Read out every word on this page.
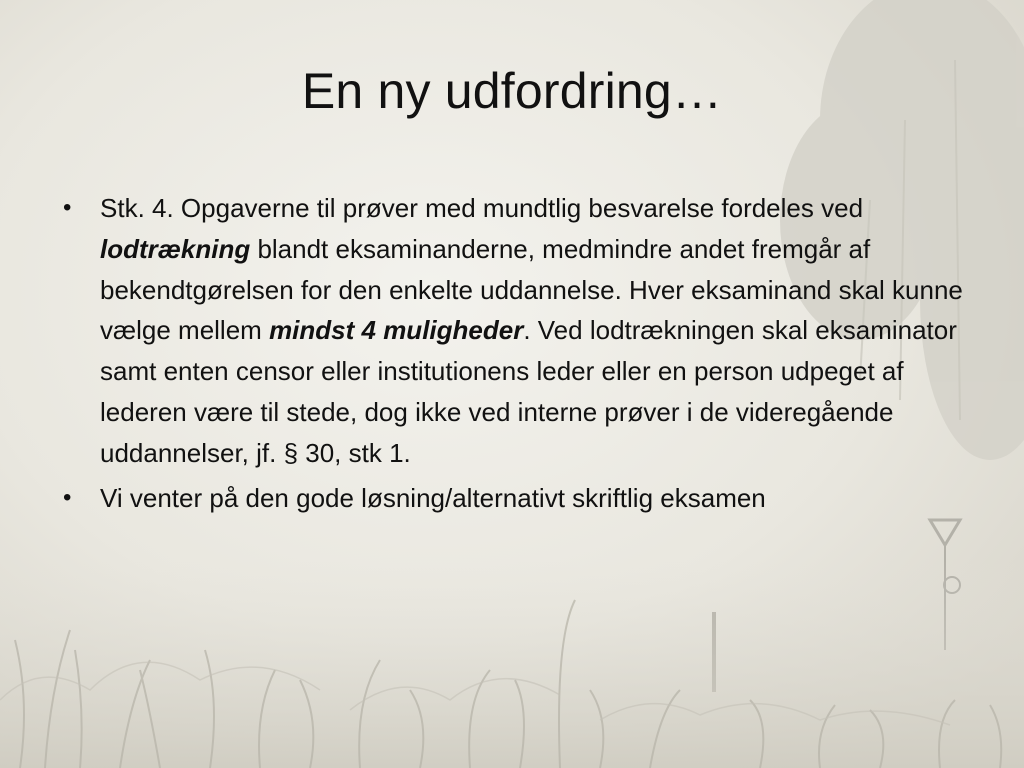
En ny udfordring…
• Stk. 4. Opgaverne til prøver med mundtlig besvarelse fordeles ved lodtrækning blandt eksaminanderne, medmindre andet fremgår af bekendtgørelsen for den enkelte uddannelse. Hver eksaminand skal kunne vælge mellem mindst 4 muligheder. Ved lodtrækningen skal eksaminator samt enten censor eller institutionens leder eller en person udpeget af lederen være til stede, dog ikke ved interne prøver i de videregående uddannelser, jf. § 30, stk 1.
• Vi venter på den gode løsning/alternativt skriftlig eksamen
